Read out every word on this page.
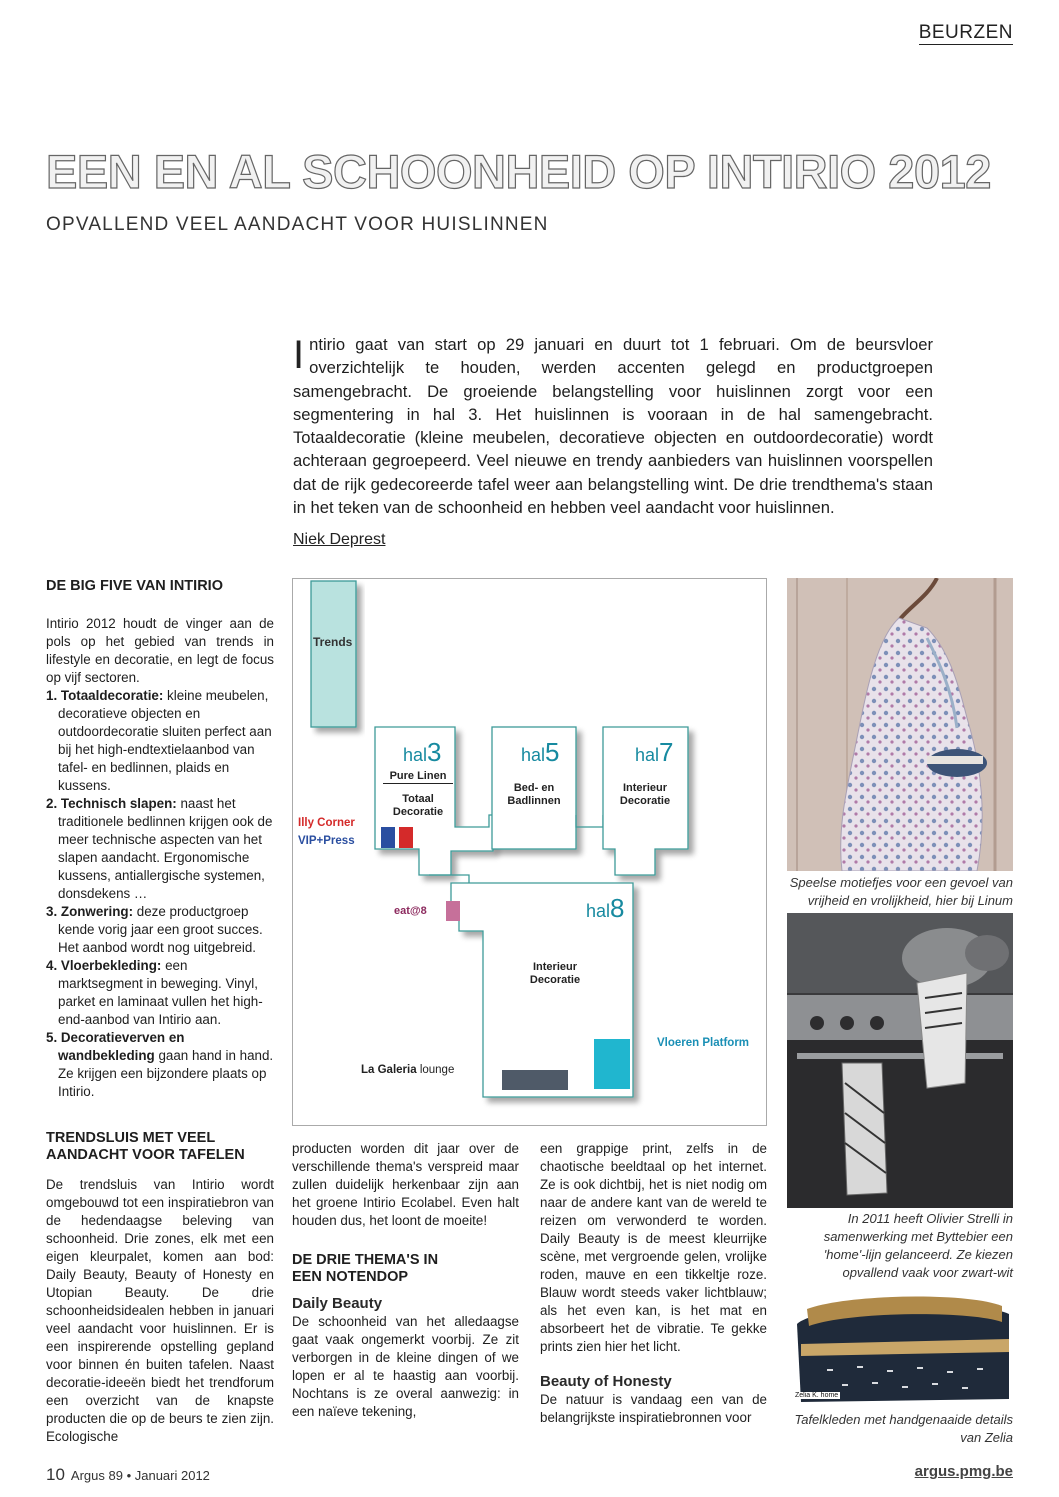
BEURZEN
EEN EN AL SCHOONHEID OP INTIRIO 2012
OPVALLEND VEEL AANDACHT VOOR HUISLINNEN
Intirio gaat van start op 29 januari en duurt tot 1 februari. Om de beursvloer overzichtelijk te houden, werden accenten gelegd en productgroepen samengebracht. De groeiende belangstelling voor huislinnen zorgt voor een segmentering in hal 3. Het huislinnen is vooraan in de hal samengebracht. Totaaldecoratie (kleine meubelen, decoratieve objecten en outdoordecoratie) wordt achteraan gegroepeerd. Veel nieuwe en trendy aanbieders van huislinnen voorspellen dat de rijk gedecoreerde tafel weer aan belangstelling wint. De drie trendthema's staan in het teken van de schoonheid en hebben veel aandacht voor huislinnen.
Niek Deprest
DE BIG FIVE VAN INTIRIO

Intirio 2012 houdt de vinger aan de pols op het gebied van trends in lifestyle en decoratie, en legt de focus op vijf sectoren.

1. Totaaldecoratie: kleine meubelen, decoratieve objecten en outdoordecoratie sluiten perfect aan bij het high-endtextielaanbod van tafel- en bedlinnen, plaids en kussens.
2. Technisch slapen: naast het traditionele bedlinnen krijgen ook de meer technische aspecten van het slapen aandacht. Ergonomische kussens, antiallergische systemen, donsdekens …
3. Zonwering: deze productgroep kende vorig jaar een groot succes. Het aanbod wordt nog uitgebreid.
4. Vloerbekleding: een marktsegment in beweging. Vinyl, parket en laminaat vullen het high-end-aanbod van Intirio aan.
5. Decoratieverven en wandbekleding gaan hand in hand. Ze krijgen een bijzondere plaats op Intirio.
TRENDSLUIS MET VEEL AANDACHT VOOR TAFELEN

De trendsluis van Intirio wordt omgebouwd tot een inspiratiebron van de hedendaagse beleving van schoonheid. Drie zones, elk met een eigen kleurpalet, komen aan bod: Daily Beauty, Beauty of Honesty en Utopian Beauty. De drie schoonheidsidealen hebben in januari veel aandacht voor huislinnen. Er is een inspirerende opstelling gepland voor binnen én buiten tafelen. Naast decoratie-ideeën biedt het trendforum een overzicht van de knapste producten die op de beurs te zien zijn. Ecologische

producten worden dit jaar over de verschillende thema's verspreid maar zullen duidelijk herkenbaar zijn aan het groene Intirio Ecolabel. Even halt houden dus, het loont de moeite!

DE DRIE THEMA'S IN EEN NOTENDOP
Daily Beauty

De schoonheid van het alledaagse gaat vaak ongemerkt voorbij. Ze zit verborgen in de kleine dingen of we lopen er al te haastig aan voorbij. Nochtans is ze overal aanwezig: in een naïeve tekening,

een grappige print, zelfs in de chaotische beeldtaal op het internet. Ze is ook dichtbij, het is niet nodig om naar de andere kant van de wereld te reizen om verwonderd te worden. Daily Beauty is de meest kleurrijke scène, met vergroende gelen, vrolijke roden, mauve en een tikkeltje roze. Blauw wordt steeds vaker lichtblauw; als het even kan, is het mat en absorbeert het de vibratie. Te gekke prints zien hier het licht.

Beauty of Honesty

De natuur is vandaag een van de belangrijkste inspiratiebronnen voor

Trends
hal3	hal5	hal7
hal8
Pure Linen
Totaal
Decoratie
Bed- en
Badlinnen
Interieur
Decoratie
Illy Corner
VIP+Press
eat@8
Interieur
Decoratie
Vloeren Platform
La Galeria lounge
Speelse motiefjes voor een gevoel van vrijheid en vrolijkheid, hier bij Linum
In 2011 heeft Olivier Strelli in samenwerking met Byttebier een 'home'-lijn gelanceerd. Ze kiezen opvallend vaak voor zwart-wit
Zelia K. home
Tafelkleden met handgenaaide details van Zelia
10 Argus 89 • Januari 2012	argus.pmg.be
